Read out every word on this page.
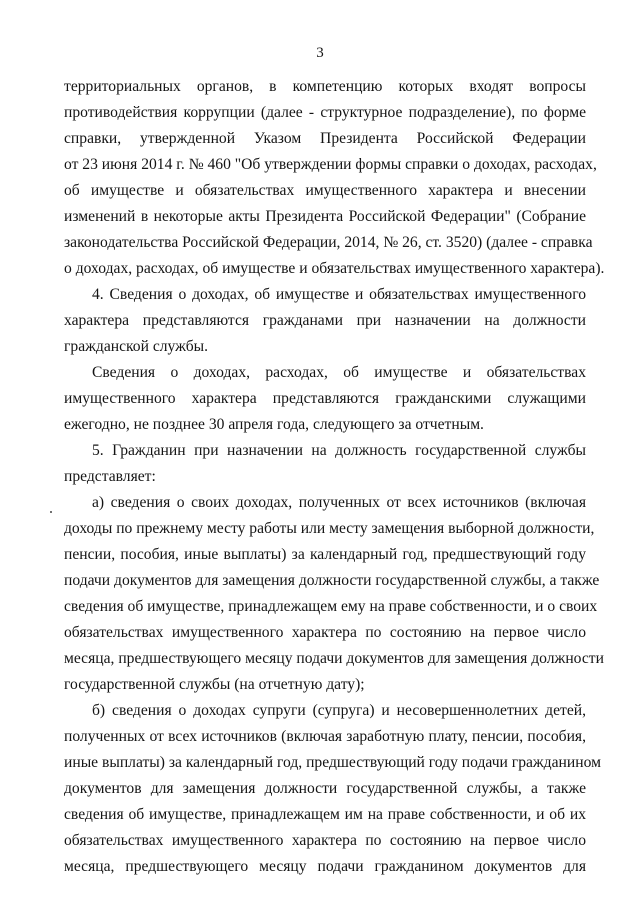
3
территориальных органов, в компетенцию которых входят вопросы
противодействия коррупции (далее - структурное подразделение), по форме
справки, утвержденной Указом Президента Российской Федерации
от 23 июня 2014 г. № 460 "Об утверждении формы справки о доходах, расходах,
об имуществе и обязательствах имущественного характера и внесении
изменений в некоторые акты Президента Российской Федерации" (Собрание
законодательства Российской Федерации, 2014, № 26, ст. 3520) (далее - справка
о доходах, расходах, об имуществе и обязательствах имущественного характера).
4. Сведения о доходах, об имуществе и обязательствах имущественного
характера представляются гражданами при назначении на должности
гражданской службы.
Сведения о доходах, расходах, об имуществе и обязательствах
имущественного характера представляются гражданскими служащими
ежегодно, не позднее 30 апреля года, следующего за отчетным.
5. Гражданин при назначении на должность государственной службы
представляет:
а) сведения о своих доходах, полученных от всех источников (включая
доходы по прежнему месту работы или месту замещения выборной должности,
пенсии, пособия, иные выплаты) за календарный год, предшествующий году
подачи документов для замещения должности государственной службы, а также
сведения об имуществе, принадлежащем ему на праве собственности, и о своих
обязательствах имущественного характера по состоянию на первое число
месяца, предшествующего месяцу подачи документов для замещения должности
государственной службы (на отчетную дату);
б) сведения о доходах супруги (супруга) и несовершеннолетних детей,
полученных от всех источников (включая заработную плату, пенсии, пособия,
иные выплаты) за календарный год, предшествующий году подачи гражданином
документов для замещения должности государственной службы, а также
сведения об имуществе, принадлежащем им на праве собственности, и об их
обязательствах имущественного характера по состоянию на первое число
месяца, предшествующего месяцу подачи гражданином документов для
